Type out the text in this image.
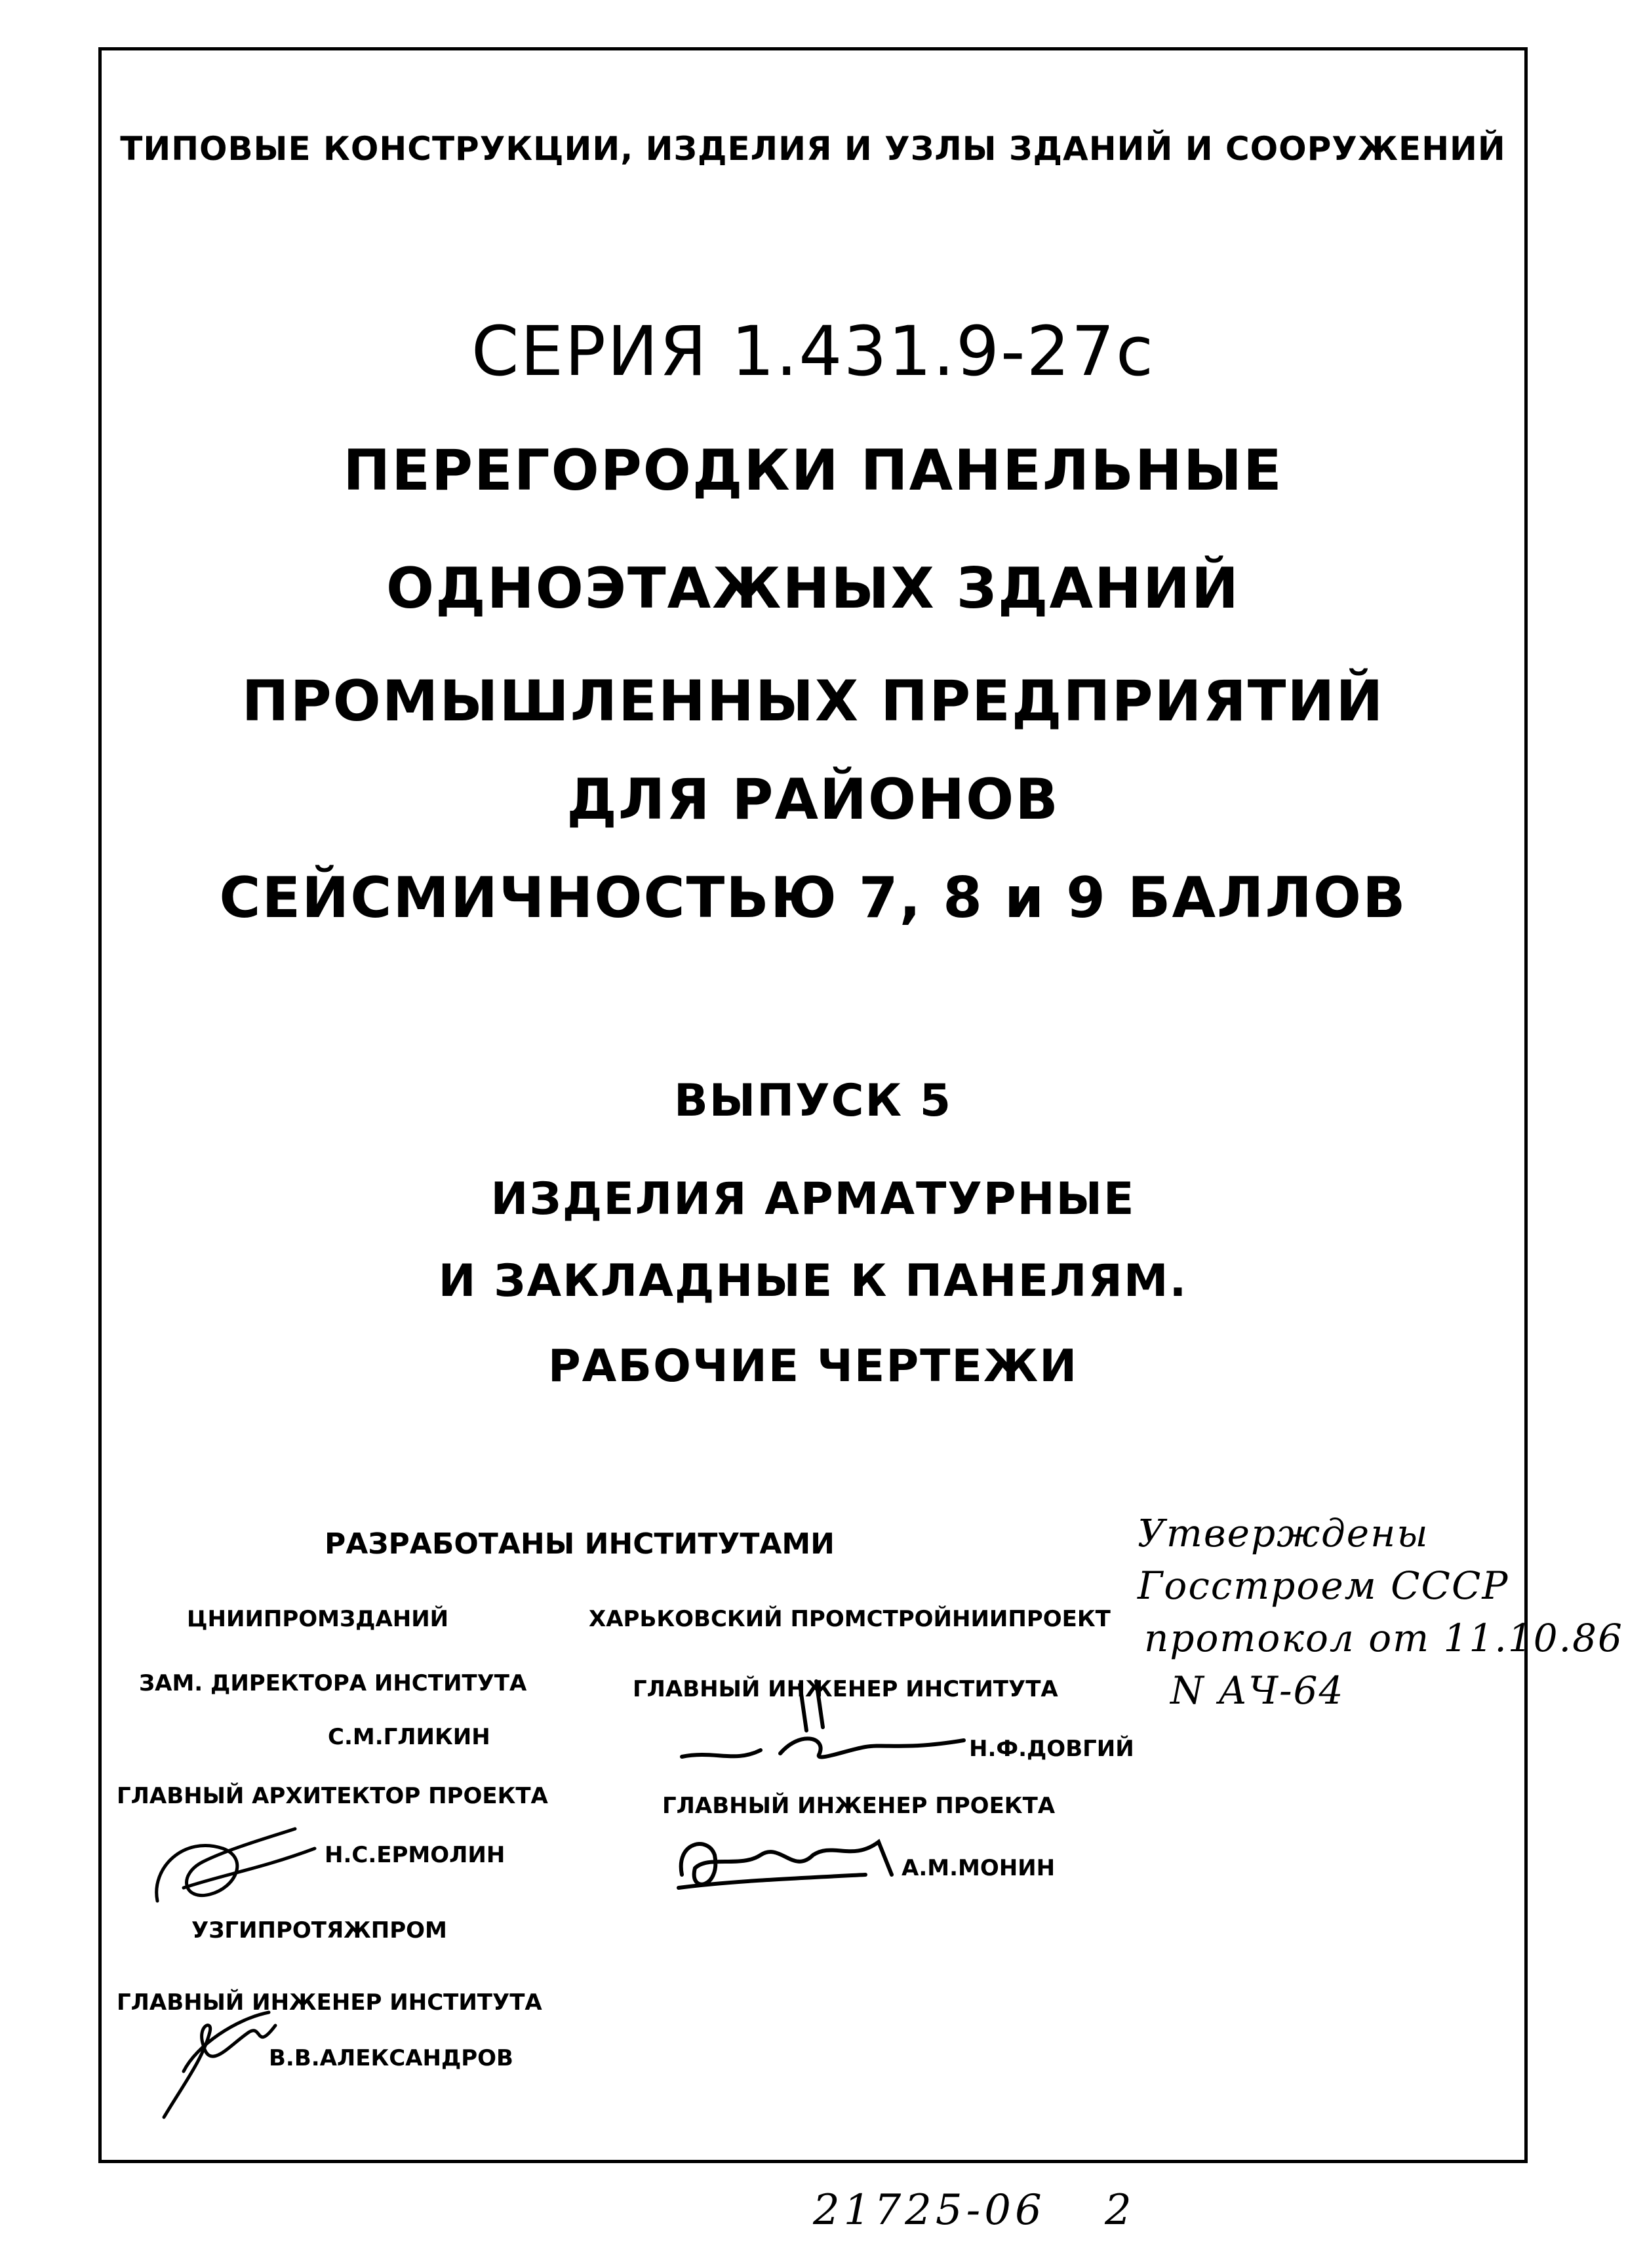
ТИПОВЫЕ КОНСТРУКЦИИ, ИЗДЕЛИЯ И УЗЛЫ ЗДАНИЙ И СООРУЖЕНИЙ
СЕРИЯ 1.431.9-27с
ПЕРЕГОРОДКИ ПАНЕЛЬНЫЕ
ОДНОЭТАЖНЫХ ЗДАНИЙ
ПРОМЫШЛЕННЫХ ПРЕДПРИЯТИЙ
ДЛЯ РАЙОНОВ
СЕЙСМИЧНОСТЬЮ 7, 8 и 9 БАЛЛОВ
ВЫПУСК 5
ИЗДЕЛИЯ АРМАТУРНЫЕ
И ЗАКЛАДНЫЕ К ПАНЕЛЯМ.
РАБОЧИЕ ЧЕРТЕЖИ
РАЗРАБОТАНЫ ИНСТИТУТАМИ
ЦНИИПРОМЗДАНИЙ
ЗАМ. ДИРЕКТОРА ИНСТИТУТА
С.М.ГЛИКИН
ГЛАВНЫЙ АРХИТЕКТОР ПРОЕКТА
Н.С.ЕРМОЛИН
УЗГИПРОТЯЖПРОМ
ГЛАВНЫЙ ИНЖЕНЕР ИНСТИТУТА
В.В.АЛЕКСАНДРОВ
ХАРЬКОВСКИЙ ПРОМСТРОЙНИИПРОЕКТ
ГЛАВНЫЙ ИНЖЕНЕР ИНСТИТУТА
Н.Ф.ДОВГИЙ
ГЛАВНЫЙ ИНЖЕНЕР ПРОЕКТА
А.М.МОНИН
Утверждены
Госстроем СССР
протокол от 11.10.86
N АЧ-64
21725-06 2
